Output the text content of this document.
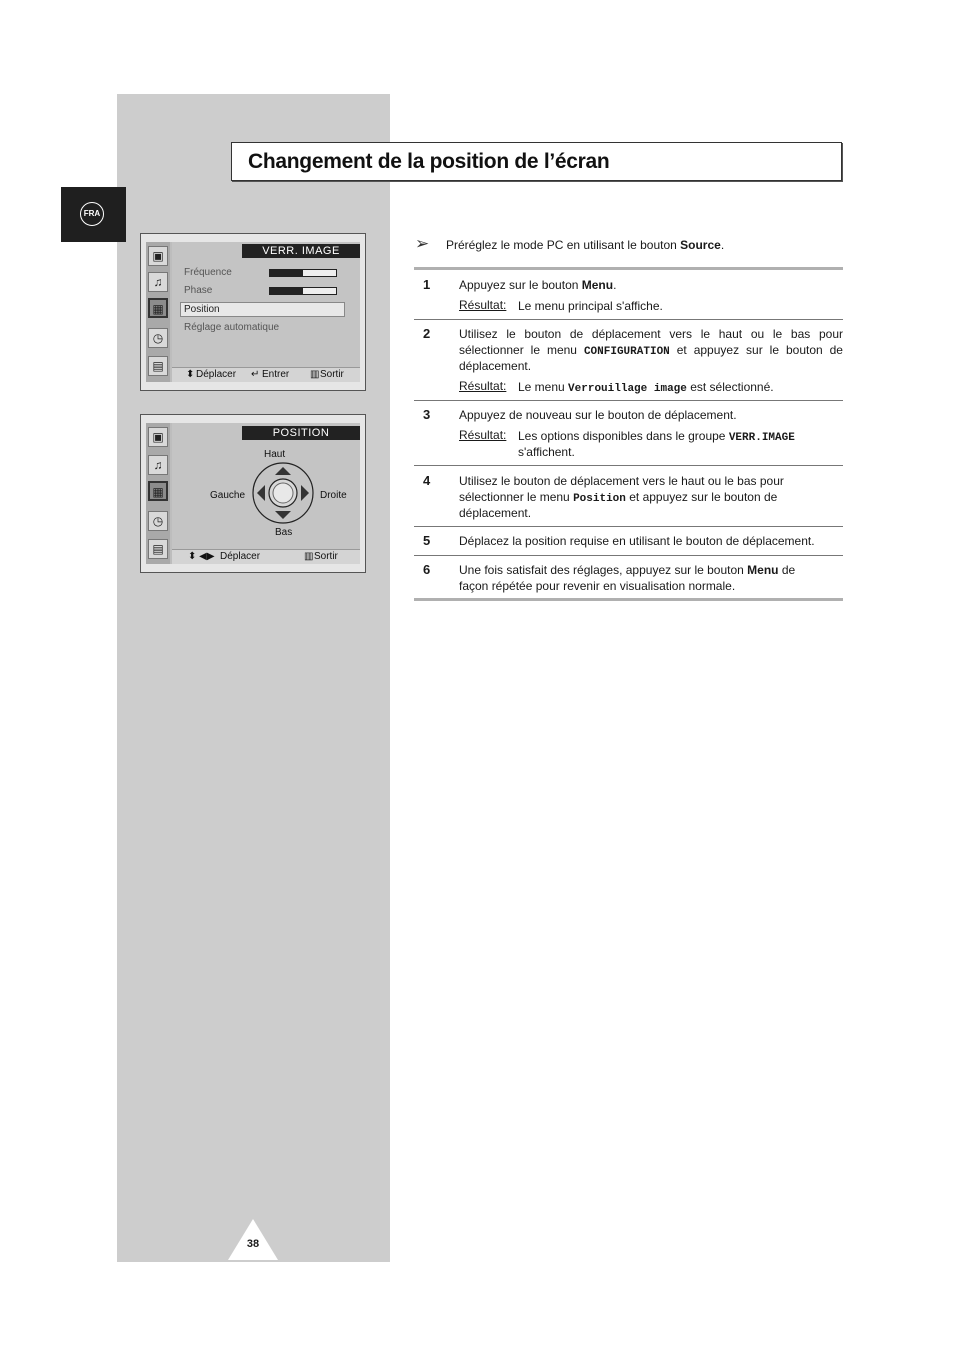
FRA
Changement de la position de l’écran
▣
♫
▦
◷
▤
VERR. IMAGE
Fréquence
Phase
Position
Réglage automatique
⬍ Déplacer ↵ Entrer ▥ Sortir
▣
♫
▦
◷
▤
POSITION
Haut
Gauche	Droite
Bas
⬍ ◀▶ Déplacer	▥ Sortir
➢ Préréglez le mode PC en utilisant le bouton Source.
1 Appuyez sur le bouton Menu.
Résultat: Le menu principal s'affiche.
2 Utilisez le bouton de déplacement vers le haut ou le bas pour
sélectionner le menu CONFIGURATION et appuyez sur le bouton de
déplacement.
Résultat: Le menu Verrouillage image est sélectionné.
3 Appuyez de nouveau sur le bouton de déplacement.
Résultat: Les options disponibles dans le groupe VERR.IMAGE
s'affichent.
4 Utilisez le bouton de déplacement vers le haut ou le bas pour
sélectionner le menu Position et appuyez sur le bouton de
déplacement.
5 Déplacez la position requise en utilisant le bouton de déplacement.
6 Une fois satisfait des réglages, appuyez sur le bouton Menu de
façon répétée pour revenir en visualisation normale.
38
